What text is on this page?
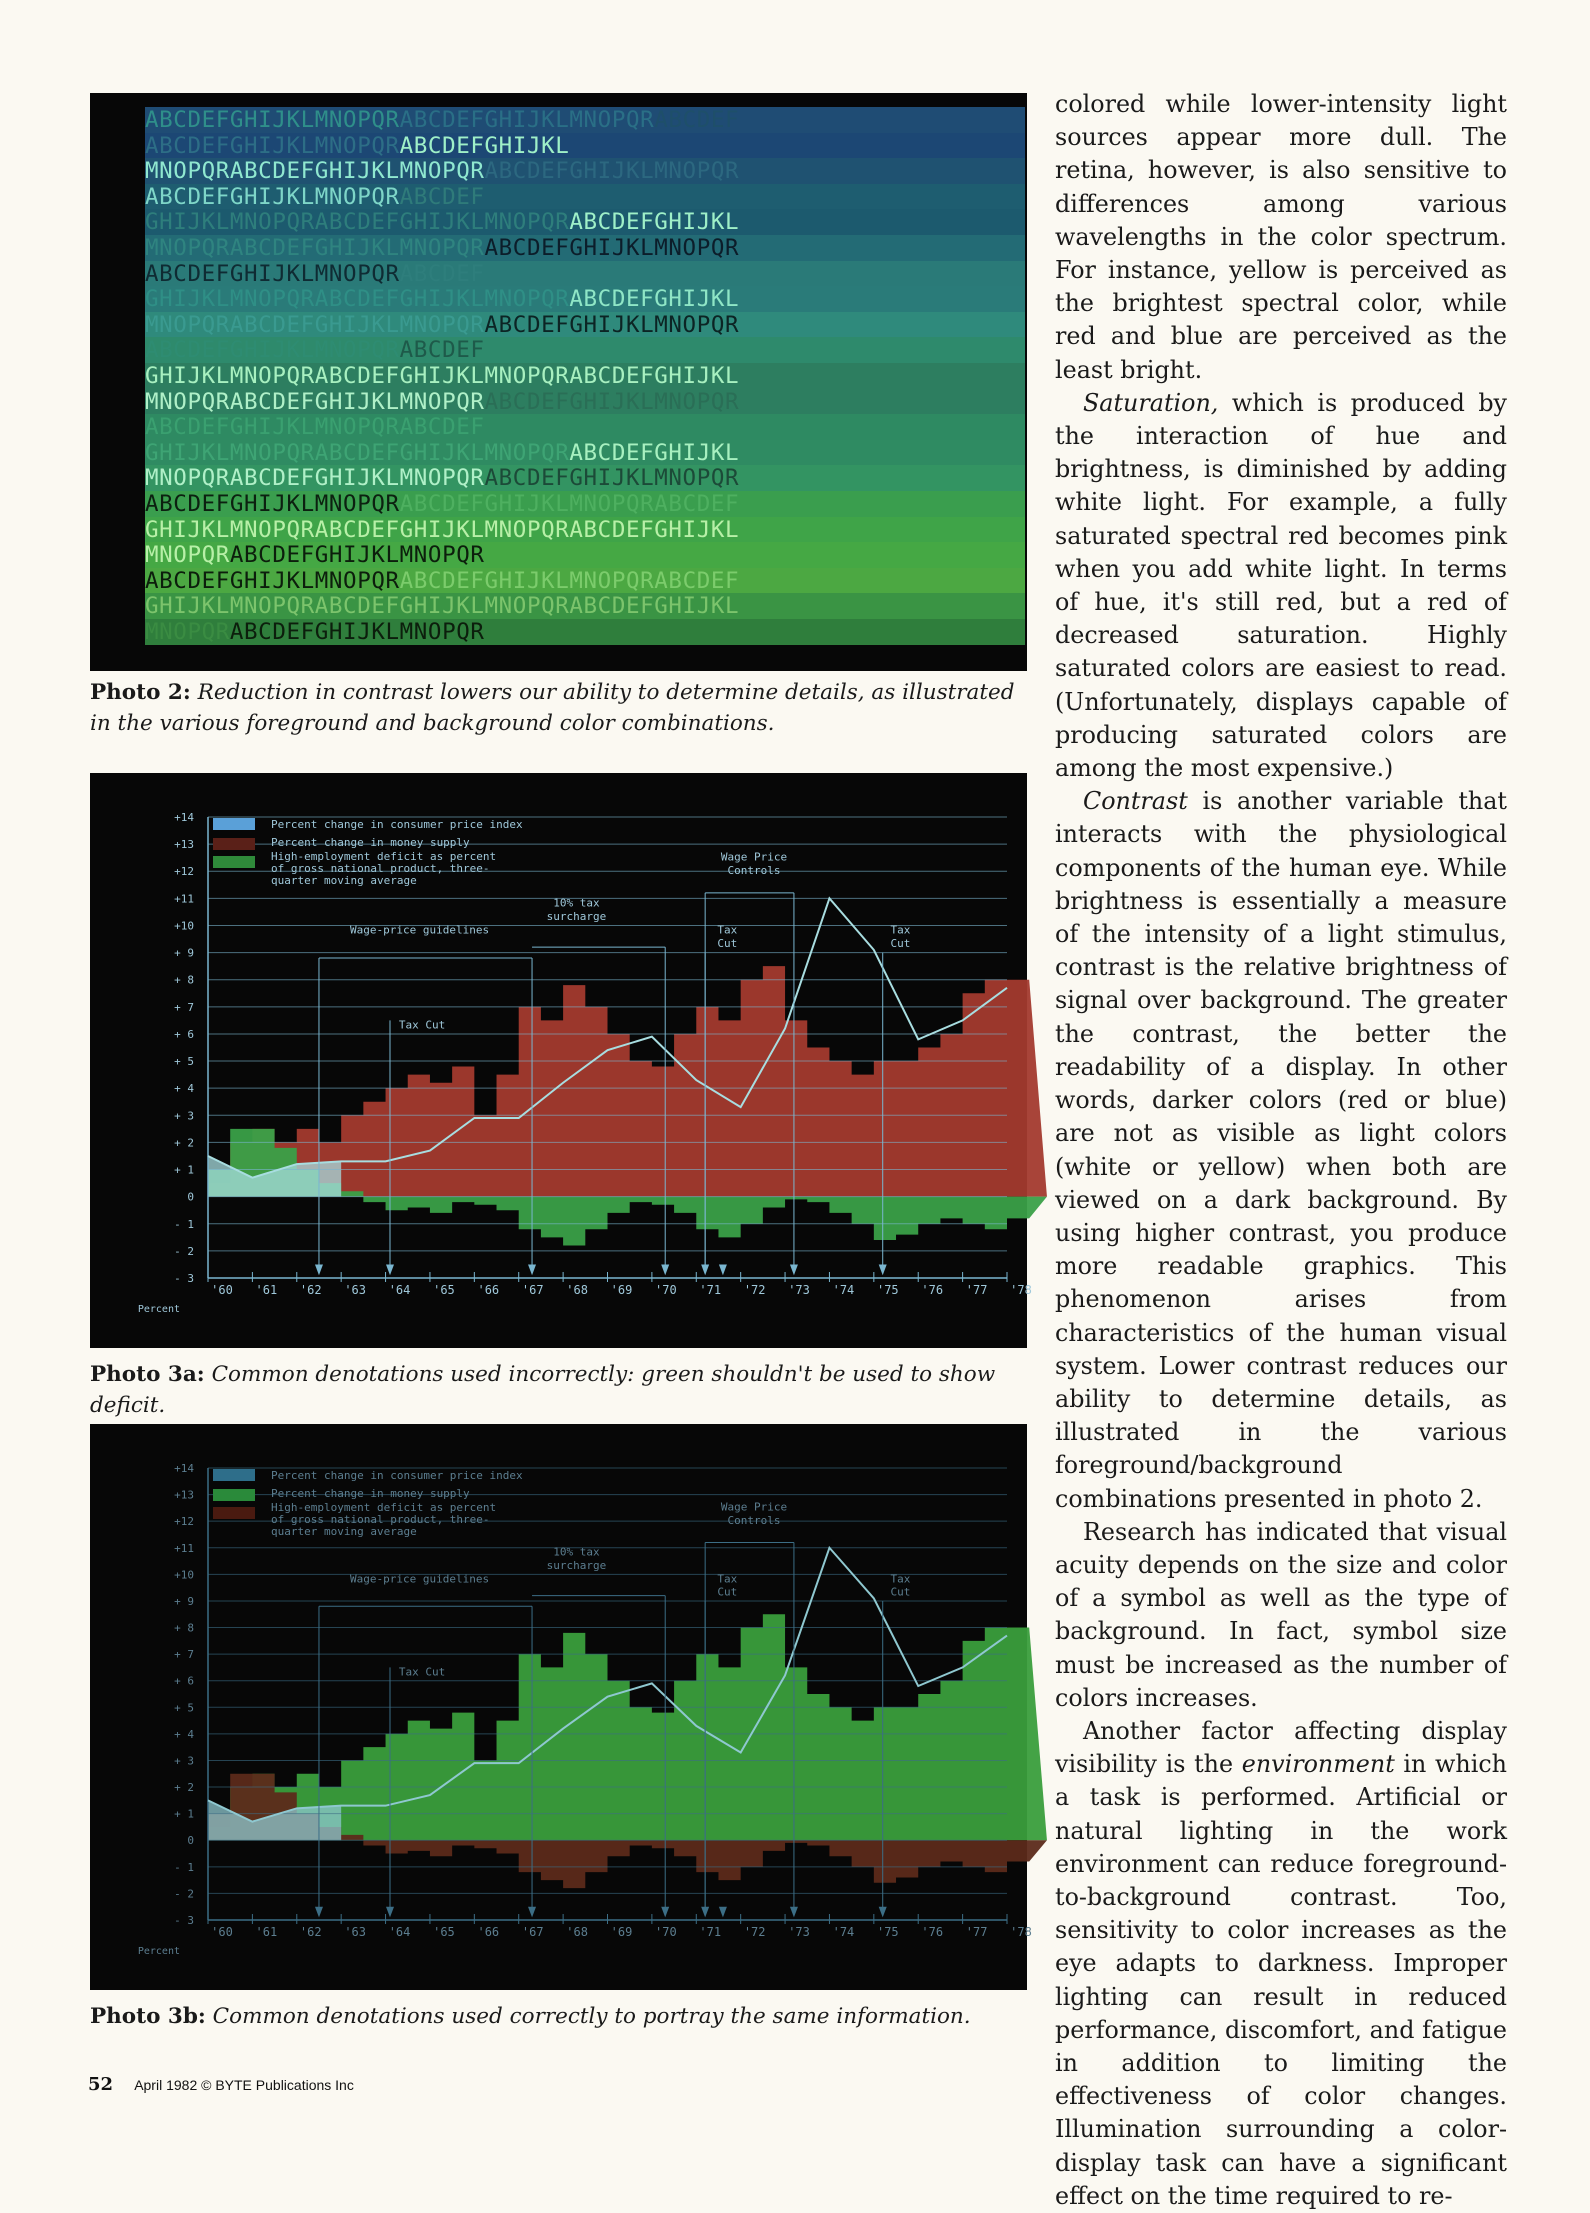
ABCDEFGHIJKLMNOPQRABCDEFGHIJKLMNOPQRABCDEF
ABCDEFGHIJKLMNOPQRABCDEFGHIJKL
MNOPQRABCDEFGHIJKLMNOPQRABCDEFGHIJKLMNOPQR
ABCDEFGHIJKLMNOPQRABCDEF
GHIJKLMNOPQRABCDEFGHIJKLMNOPQRABCDEFGHIJKL
MNOPQRABCDEFGHIJKLMNOPQRABCDEFGHIJKLMNOPQR
ABCDEFGHIJKLMNOPQRABCDEF
GHIJKLMNOPQRABCDEFGHIJKLMNOPQRABCDEFGHIJKL
MNOPQRABCDEFGHIJKLMNOPQRABCDEFGHIJKLMNOPQR
ABCDEFGHIJKLMNOPQRABCDEF
GHIJKLMNOPQRABCDEFGHIJKLMNOPQRABCDEFGHIJKL
MNOPQRABCDEFGHIJKLMNOPQRABCDEFGHIJKLMNOPQR
ABCDEFGHIJKLMNOPQRABCDEF
GHIJKLMNOPQRABCDEFGHIJKLMNOPQRABCDEFGHIJKL
MNOPQRABCDEFGHIJKLMNOPQRABCDEFGHIJKLMNOPQR
ABCDEFGHIJKLMNOPQRABCDEFGHIJKLMNOPQRABCDEF
GHIJKLMNOPQRABCDEFGHIJKLMNOPQRABCDEFGHIJKL
MNOPQRABCDEFGHIJKLMNOPQR
ABCDEFGHIJKLMNOPQRABCDEFGHIJKLMNOPQRABCDEF
GHIJKLMNOPQRABCDEFGHIJKLMNOPQRABCDEFGHIJKL
MNOPQRABCDEFGHIJKLMNOPQR
Photo 2: Reduction in contrast lowers our ability to determine details, as illustrated in the various foreground and background color combinations.
+14
+13
+12
+11
+10
+ 9
+ 8
+ 7
+ 6
+ 5
+ 4
+ 3
+ 2
+ 1
0
- 1
- 2
- 3
'60 '61 '62 '63 '64 '65 '66 '67 '68 '69 '70 '71 '72 '73 '74 '75 '76 '77 '78
Percent
Percent change in consumer price index
Percent change in money supply
High-employment deficit as percent of gross national product, three-quarter moving average
Wage-price guidelines
10% tax
surcharge
Wage Price
Controls
Tax Cut
Tax
Cut
Tax
Cut
Photo 3a: Common denotations used incorrectly: green shouldn't be used to show deficit.
+14
+13
+12
+11
+10
+ 9
+ 8
+ 7
+ 6
+ 5
+ 4
+ 3
+ 2
+ 1
0
- 1
- 2
- 3
'60 '61 '62 '63 '64 '65 '66 '67 '68 '69 '70 '71 '72 '73 '74 '75 '76 '77 '78
Percent
Percent change in consumer price index
Percent change in money supply
High-employment deficit as percent of gross national product, three-quarter moving average
Wage-price guidelines
10% tax
surcharge
Wage Price
Controls
Tax Cut
Tax
Cut
Tax
Cut
Photo 3b: Common denotations used correctly to portray the same information.

colored while lower-intensity light sources appear more dull. The retina, however, is also sensitive to differences among various wavelengths in the color spectrum. For instance, yellow is perceived as the brightest spectral color, while red and blue are perceived as the least bright.

Saturation, which is produced by the interaction of hue and brightness, is diminished by adding white light. For example, a fully saturated spectral red becomes pink when you add white light. In terms of hue, it's still red, but a red of decreased saturation. Highly saturated colors are easiest to read. (Unfortunately, displays capable of producing saturated colors are among the most expensive.)

Contrast is another variable that interacts with the physiological components of the human eye. While brightness is essentially a measure of the intensity of a light stimulus, contrast is the relative brightness of signal over background. The greater the contrast, the better the readability of a display. In other words, darker colors (red or blue) are not as visible as light colors (white or yellow) when both are viewed on a dark background. By using higher contrast, you produce more readable graphics. This phenomenon arises from characteristics of the human visual system. Lower contrast reduces our ability to determine details, as illustrated in the various foreground/background combinations presented in photo 2.

Research has indicated that visual acuity depends on the size and color of a symbol as well as the type of background. In fact, symbol size must be increased as the number of colors increases.

Another factor affecting display visibility is the environment in which a task is performed. Artificial or natural lighting in the work environment can reduce foreground-to-background contrast. Too, sensitivity to color increases as the eye adapts to darkness. Improper lighting can result in reduced performance, discomfort, and fatigue in addition to limiting the effectiveness of color changes. Illumination surrounding a color-display task can have a significant effect on the time required to re-

52 April 1982 © BYTE Publications Inc
